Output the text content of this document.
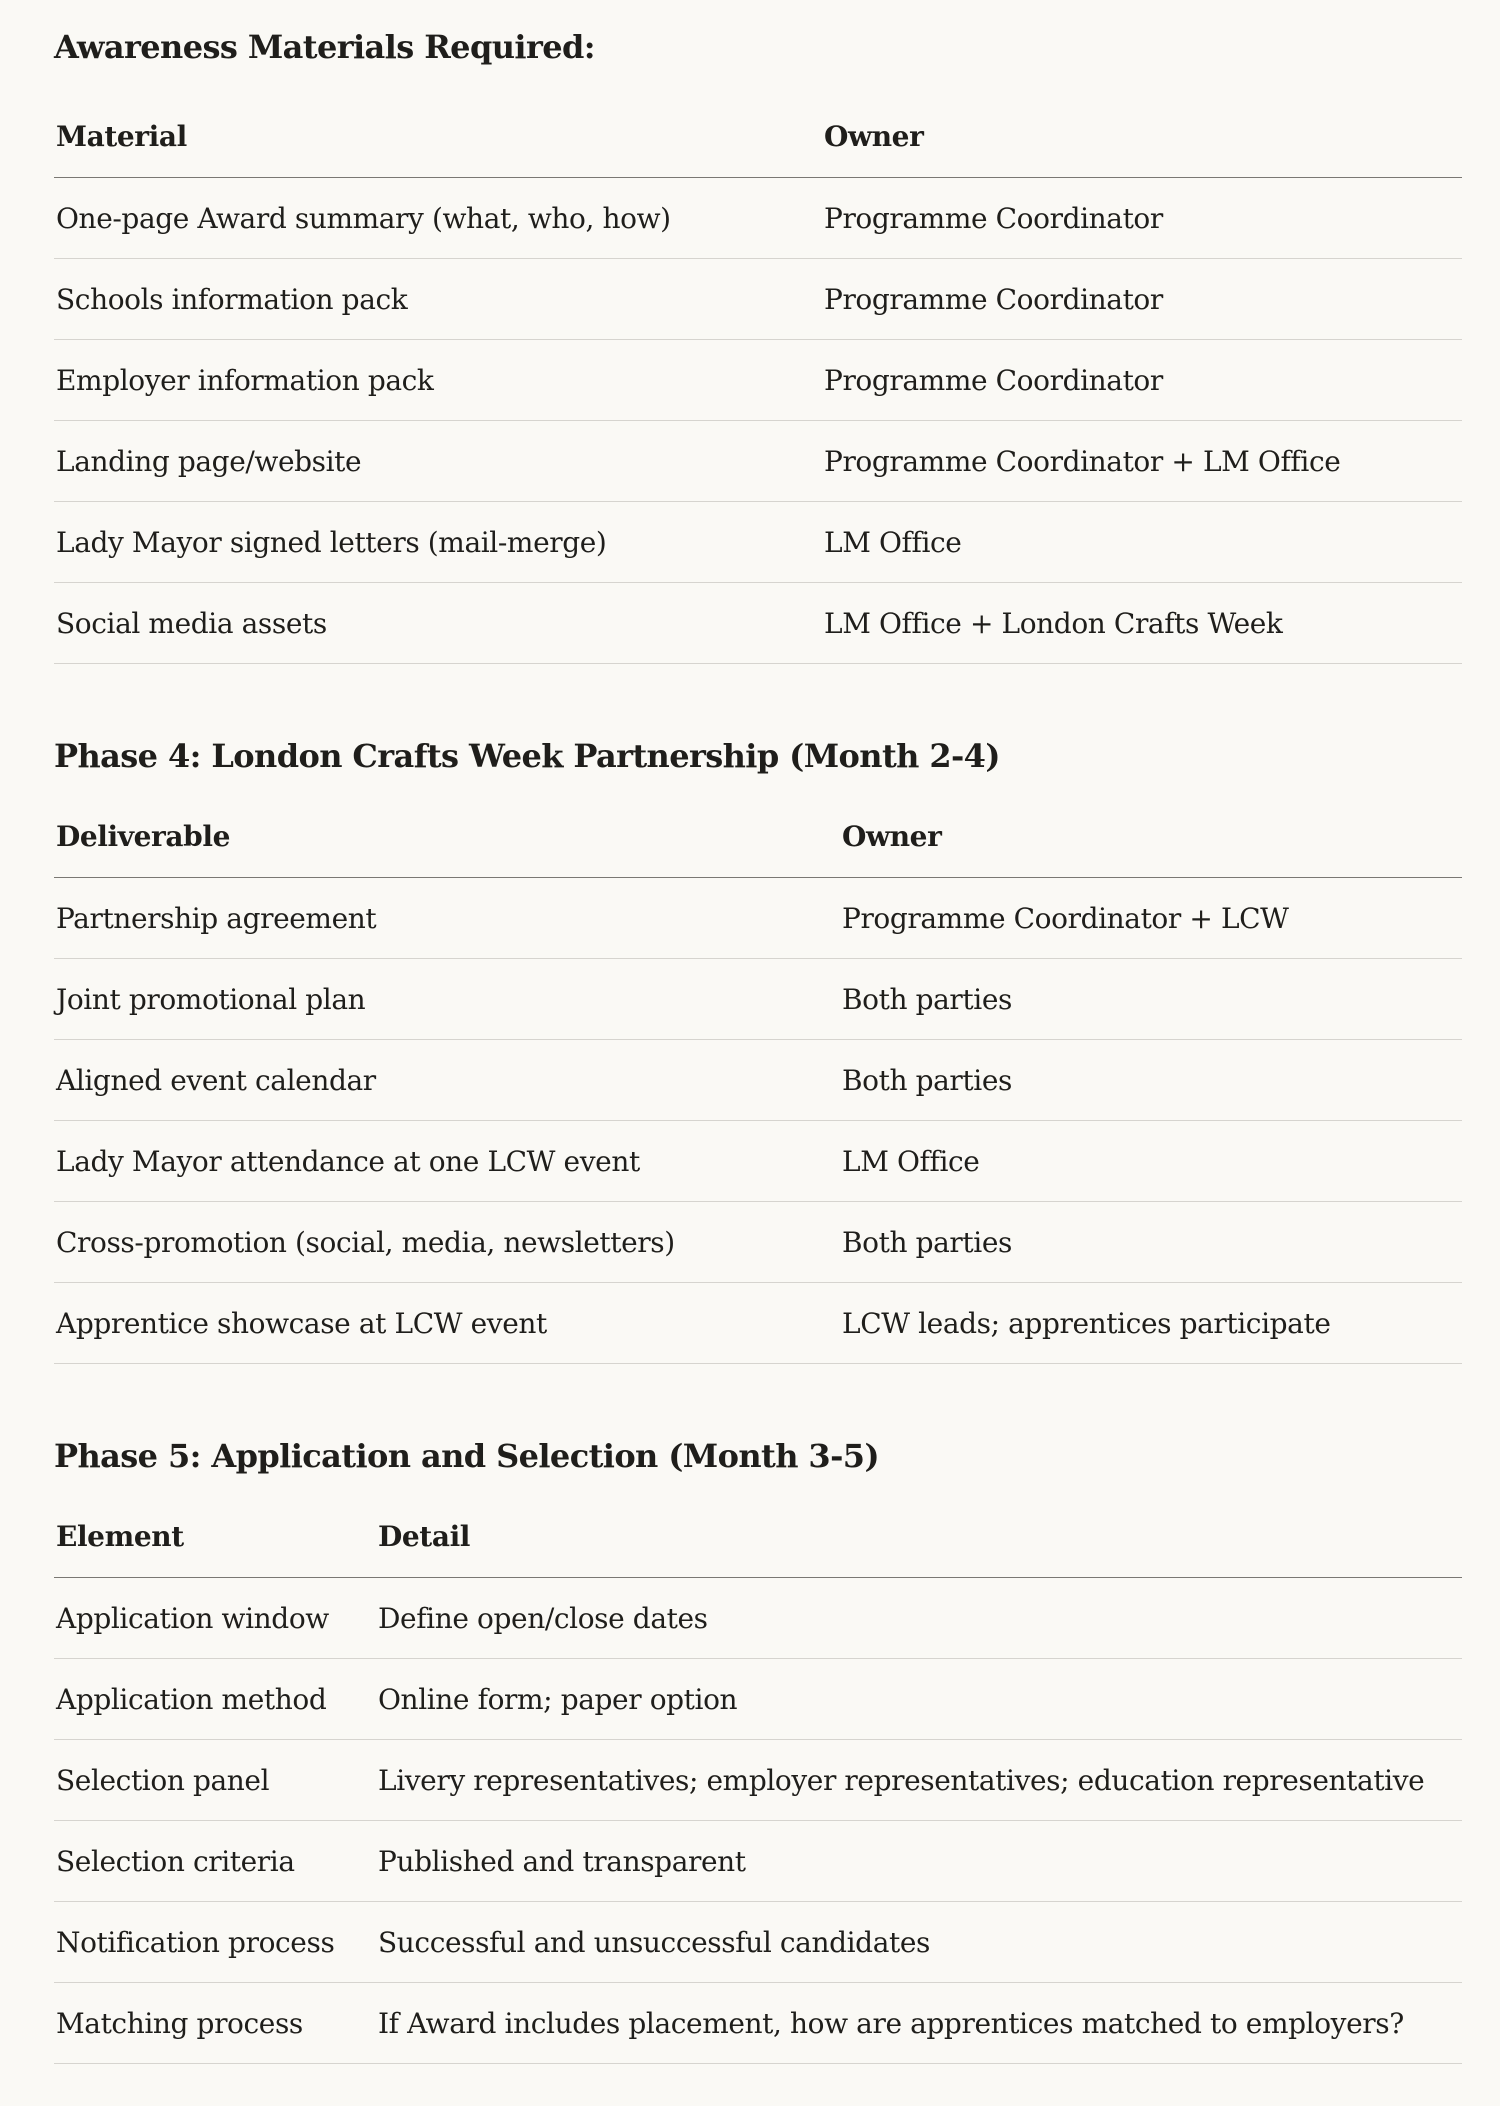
Awareness Materials Required:
Material	Owner
One-page Award summary (what, who, how)	Programme Coordinator
Schools information pack	Programme Coordinator
Employer information pack	Programme Coordinator
Landing page/website	Programme Coordinator + LM Office
Lady Mayor signed letters (mail-merge)	LM Office
Social media assets	LM Office + London Crafts Week
Phase 4: London Crafts Week Partnership (Month 2-4)
Deliverable	Owner
Partnership agreement	Programme Coordinator + LCW
Joint promotional plan	Both parties
Aligned event calendar	Both parties
Lady Mayor attendance at one LCW event	LM Office
Cross-promotion (social, media, newsletters)	Both parties
Apprentice showcase at LCW event	LCW leads; apprentices participate
Phase 5: Application and Selection (Month 3-5)
Element	Detail
Application window	Define open/close dates
Application method	Online form; paper option
Selection panel	Livery representatives; employer representatives; education representative
Selection criteria	Published and transparent
Notification process	Successful and unsuccessful candidates
Matching process	If Award includes placement, how are apprentices matched to employers?
